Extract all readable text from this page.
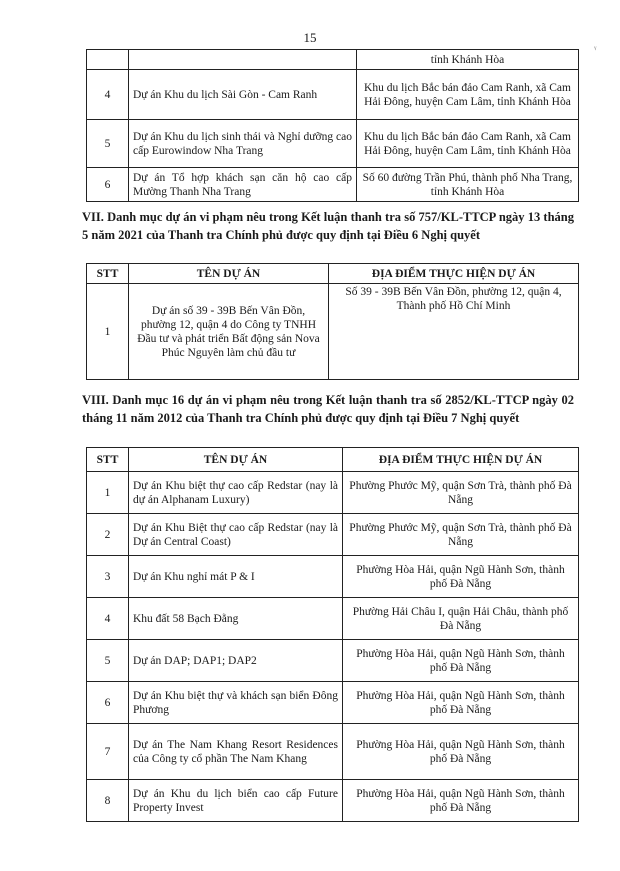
15	ᵧ
		tỉnh Khánh Hòa
4	Dự án Khu du lịch Sài Gòn - Cam Ranh	Khu du lịch Bắc bán đảo Cam Ranh, xã Cam Hải Đông, huyện Cam Lâm, tỉnh Khánh Hòa
5	Dự án Khu du lịch sinh thái và Nghỉ dưỡng cao cấp Eurowindow Nha Trang	Khu du lịch Bắc bán đảo Cam Ranh, xã Cam Hải Đông, huyện Cam Lâm, tỉnh Khánh Hòa
6	Dự án Tổ hợp khách sạn căn hộ cao cấp Mường Thanh Nha Trang	Số 60 đường Trần Phú, thành phố Nha Trang, tỉnh Khánh Hòa
VII. Danh mục dự án vi phạm nêu trong Kết luận thanh tra số 757/KL-TTCP ngày 13 tháng 5 năm 2021 của Thanh tra Chính phủ được quy định tại Điều 6 Nghị quyết
STT	TÊN DỰ ÁN	ĐỊA ĐIỂM THỰC HIỆN DỰ ÁN
1	Dự án số 39 - 39B Bến Vân Đồn, phường 12, quận 4 do Công ty TNHH Đầu tư và phát triển Bất động sản Nova Phúc Nguyên làm chủ đầu tư	Số 39 - 39B Bến Vân Đồn, phường 12, quận 4, Thành phố Hồ Chí Minh
VIII. Danh mục 16 dự án vi phạm nêu trong Kết luận thanh tra số 2852/KL-TTCP ngày 02 tháng 11 năm 2012 của Thanh tra Chính phủ được quy định tại Điều 7 Nghị quyết
STT	TÊN DỰ ÁN	ĐỊA ĐIỂM THỰC HIỆN DỰ ÁN
1	Dự án Khu biệt thự cao cấp Redstar (nay là dự án Alphanam Luxury)	Phường Phước Mỹ, quận Sơn Trà, thành phố Đà Nẵng
2	Dự án Khu Biệt thự cao cấp Redstar (nay là Dự án Central Coast)	Phường Phước Mỹ, quận Sơn Trà, thành phố Đà Nẵng
3	Dự án Khu nghỉ mát P & I	Phường Hòa Hải, quận Ngũ Hành Sơn, thành phố Đà Nẵng
4	Khu đất 58 Bạch Đằng	Phường Hải Châu I, quận Hải Châu, thành phố Đà Nẵng
5	Dự án DAP; DAP1; DAP2	Phường Hòa Hải, quận Ngũ Hành Sơn, thành phố Đà Nẵng
6	Dự án Khu biệt thự và khách sạn biển Đông Phương	Phường Hòa Hải, quận Ngũ Hành Sơn, thành phố Đà Nẵng
7	Dự án The Nam Khang Resort Residences của Công ty cổ phần The Nam Khang	Phường Hòa Hải, quận Ngũ Hành Sơn, thành phố Đà Nẵng
8	Dự án Khu du lịch biển cao cấp Future Property Invest	Phường Hòa Hải, quận Ngũ Hành Sơn, thành phố Đà Nẵng
